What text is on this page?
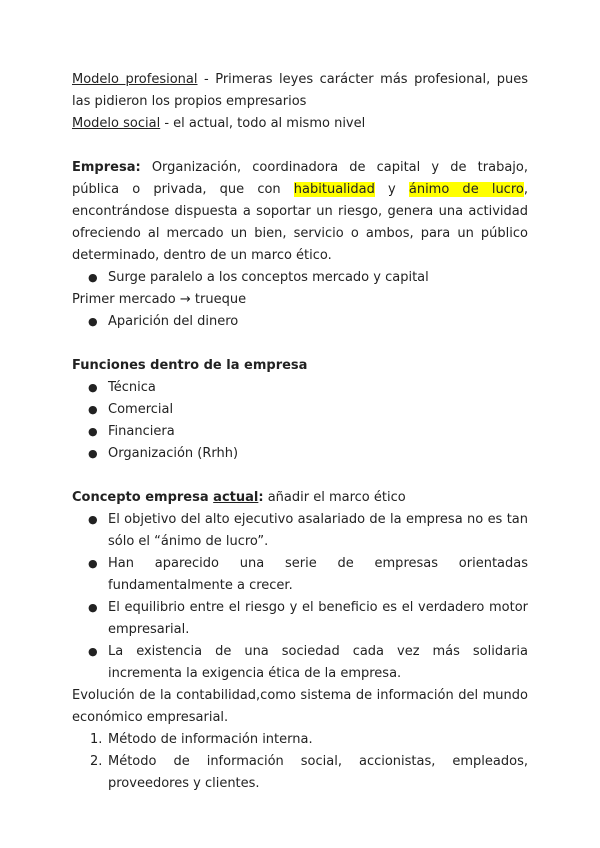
Modelo profesional - Primeras leyes carácter más profesional, pues las pidieron los propios empresarios

Modelo social - el actual, todo al mismo nivel

Empresa: Organización, coordinadora de capital y de trabajo, pública o privada, que con habitualidad y ánimo de lucro, encontrándose dispuesta a soportar un riesgo, genera una actividad ofreciendo al mercado un bien, servicio o ambos, para un público determinado, dentro de un marco ético.

● Surge paralelo a los conceptos mercado y capital

Primer mercado → trueque

● Aparición del dinero

Funciones dentro de la empresa

● Técnica
● Comercial
● Financiera
● Organización (Rrhh)

Concepto empresa actual: añadir el marco ético

● El objetivo del alto ejecutivo asalariado de la empresa no es tan sólo el “ánimo de lucro”.
● Han aparecido una serie de empresas orientadas fundamentalmente a crecer.
● El equilibrio entre el riesgo y el beneficio es el verdadero motor empresarial.
● La existencia de una sociedad cada vez más solidaria incrementa la exigencia ética de la empresa.

Evolución de la contabilidad,como sistema de información del mundo económico empresarial.

1. Método de información interna.
2. Método de información social, accionistas, empleados, proveedores y clientes.
